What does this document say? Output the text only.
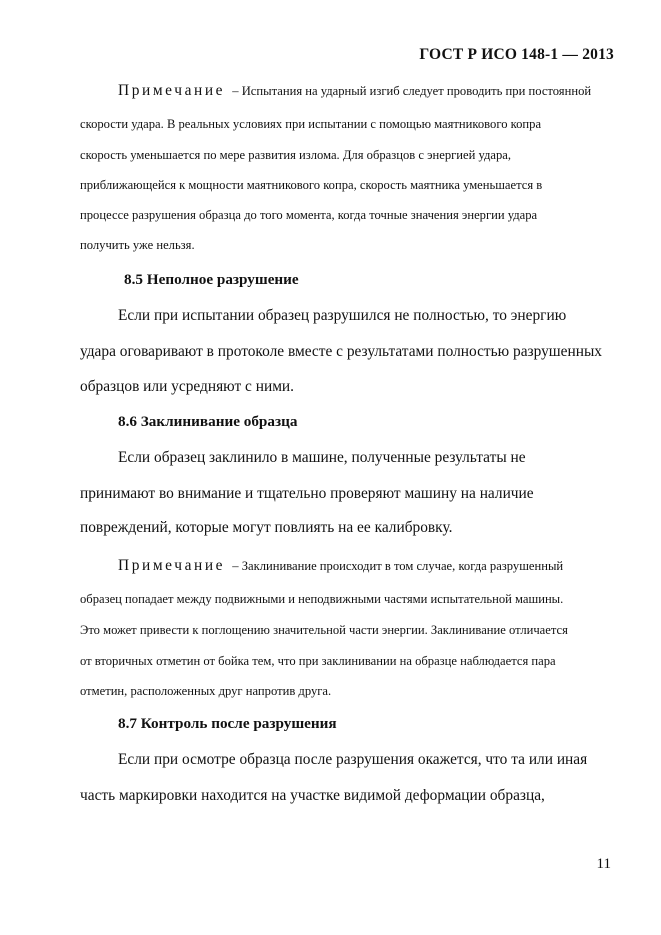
ГОСТ Р ИСО 148-1 — 2013
Примечание – Испытания на ударный изгиб следует проводить при постоянной
скорости удара. В реальных условиях при испытании с помощью маятникового копра
скорость уменьшается по мере развития излома. Для образцов с энергией удара,
приближающейся к мощности маятникового копра, скорость маятника уменьшается в
процессе разрушения образца до того момента, когда точные значения энергии удара
получить уже нельзя.
8.5 Неполное разрушение
Если при испытании образец разрушился не полностью, то энергию
удара оговаривают в протоколе вместе с результатами полностью разрушенных
образцов или усредняют с ними.
8.6 Заклинивание образца
Если образец заклинило в машине, полученные результаты не
принимают во внимание и тщательно проверяют машину на наличие
повреждений, которые могут повлиять на ее калибровку.
Примечание – Заклинивание происходит в том случае, когда разрушенный
образец попадает между подвижными и неподвижными частями испытательной машины.
Это может привести к поглощению значительной части энергии. Заклинивание отличается
от вторичных отметин от бойка тем, что при заклинивании на образце наблюдается пара
отметин, расположенных друг напротив друга.
8.7 Контроль после разрушения
Если при осмотре образца после разрушения окажется, что та или иная
часть маркировки находится на участке видимой деформации образца,
11
